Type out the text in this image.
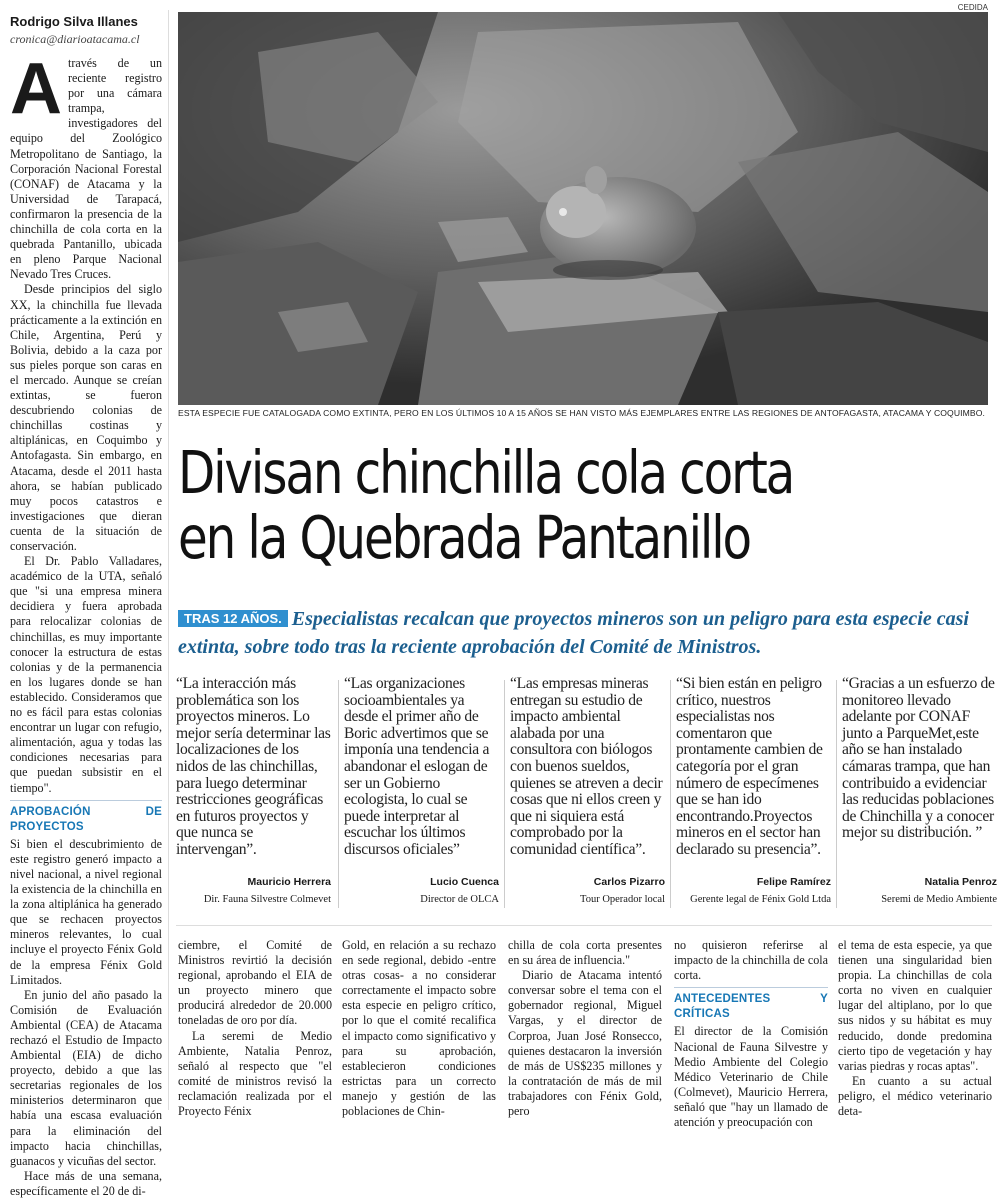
Rodrigo Silva Illanes
cronica@diarioatacama.cl

Através de un reciente registro por una cámara trampa, investigadores del equipo del Zoológico Metropolitano de Santiago, la Corporación Nacional Forestal (CONAF) de Atacama y la Universidad de Tarapacá, confirmaron la presencia de la chinchilla de cola corta en la quebrada Pantanillo, ubicada en pleno Parque Nacional Nevado Tres Cruces.

Desde principios del siglo XX, la chinchilla fue llevada prácticamente a la extinción en Chile, Argentina, Perú y Bolivia, debido a la caza por sus pieles porque son caras en el mercado. Aunque se creían extintas, se fueron descubriendo colonias de chinchillas costinas y altiplánicas, en Coquimbo y Antofagasta. Sin embargo, en Atacama, desde el 2011 hasta ahora, se habían publicado muy pocos catastros e investigaciones que dieran cuenta de la situación de conservación.

El Dr. Pablo Valladares, académico de la UTA, señaló que "si una empresa minera decidiera y fuera aprobada para relocalizar colonias de chinchillas, es muy importante conocer la estructura de estas colonias y de la permanencia en los lugares donde se han establecido. Consideramos que no es fácil para estas colonias encontrar un lugar con refugio, alimentación, agua y todas las condiciones necesarias para que puedan subsistir en el tiempo".

APROBACIÓN DE PROYECTOS

Si bien el descubrimiento de este registro generó impacto a nivel nacional, a nivel regional la existencia de la chinchilla en la zona altiplánica ha generado que se rechacen proyectos mineros relevantes, lo cual incluye el proyecto Fénix Gold de la empresa Fénix Gold Limitados.

En junio del año pasado la Comisión de Evaluación Ambiental (CEA) de Atacama rechazó el Estudio de Impacto Ambiental (EIA) de dicho proyecto, debido a que las secretarias regionales de los ministerios determinaron que había una escasa evaluación para la eliminación del impacto hacia chinchillas, guanacos y vicuñas del sector.

Hace más de una semana, específicamente el 20 de di-

CEDIDA
ESTA ESPECIE FUE CATALOGADA COMO EXTINTA, PERO EN LOS ÚLTIMOS 10 A 15 AÑOS SE HAN VISTO MÁS EJEMPLARES ENTRE LAS REGIONES DE ANTOFAGASTA, ATACAMA Y COQUIMBO.
Divisan chinchilla cola corta
en la Quebrada Pantanillo
TRAS 12 AÑOS. Especialistas recalcan que proyectos mineros son un peligro para esta especie casi extinta, sobre todo tras la reciente aprobación del Comité de Ministros.
“La interacción más problemática son los proyectos mineros. Lo mejor sería determinar las localizaciones de los nidos de las chinchillas, para luego determinar restricciones geográficas en futuros proyectos y que nunca se intervengan”.
Mauricio Herrera
Dir. Fauna Silvestre Colmevet
“Las organizaciones socioambientales ya desde el primer año de Boric advertimos que se imponía una tendencia a abandonar el eslogan de ser un Gobierno ecologista, lo cual se puede interpretar al escuchar los últimos discursos oficiales”
Lucio Cuenca
Director de OLCA
“Las empresas mineras entregan su estudio de impacto ambiental alabada por una consultora con biólogos con buenos sueldos, quienes se atreven a decir cosas que ni ellos creen y que ni siquiera está comprobado por la comunidad científica”.
Carlos Pizarro
Tour Operador local
“Si bien están en peligro crítico, nuestros especialistas nos comentaron que prontamente cambien de categoría por el gran número de especímenes que se han ido encontrando.Proyectos mineros en el sector han declarado su presencia”.
Felipe Ramírez
Gerente legal de Fénix Gold Ltda
“Gracias a un esfuerzo de monitoreo llevado adelante por CONAF junto a ParqueMet,este año se han instalado cámaras trampa, que han contribuido a evidenciar las reducidas poblaciones de Chinchilla y a conocer mejor su distribución. ”
Natalia Penroz
Seremi de Medio Ambiente

ciembre, el Comité de Ministros revirtió la decisión regional, aprobando el EIA de un proyecto minero que producirá alrededor de 20.000 toneladas de oro por día.

La seremi de Medio Ambiente, Natalia Penroz, señaló al respecto que "el comité de ministros revisó la reclamación realizada por el Proyecto Fénix

Gold, en relación a su rechazo en sede regional, debido -entre otras cosas- a no considerar correctamente el impacto sobre esta especie en peligro crítico, por lo que el comité recalifica el impacto como significativo y para su aprobación, establecieron condiciones estrictas para un correcto manejo y gestión de las poblaciones de Chin-

chilla de cola corta presentes en su área de influencia."

Diario de Atacama intentó conversar sobre el tema con el gobernador regional, Miguel Vargas, y el director de Corproa, Juan José Ronsecco, quienes destacaron la inversión de más de US$235 millones y la contratación de más de mil trabajadores con Fénix Gold, pero

no quisieron referirse al impacto de la chinchilla de cola corta.

ANTECEDENTES Y CRÍTICAS

El director de la Comisión Nacional de Fauna Silvestre y Medio Ambiente del Colegio Médico Veterinario de Chile (Colmevet), Mauricio Herrera, señaló que "hay un llamado de atención y preocupación con

el tema de esta especie, ya que tienen una singularidad bien propia. La chinchillas de cola corta no viven en cualquier lugar del altiplano, por lo que sus nidos y su hábitat es muy reducido, donde predomina cierto tipo de vegetación y hay varias piedras y rocas aptas".

En cuanto a su actual peligro, el médico veterinario deta-
